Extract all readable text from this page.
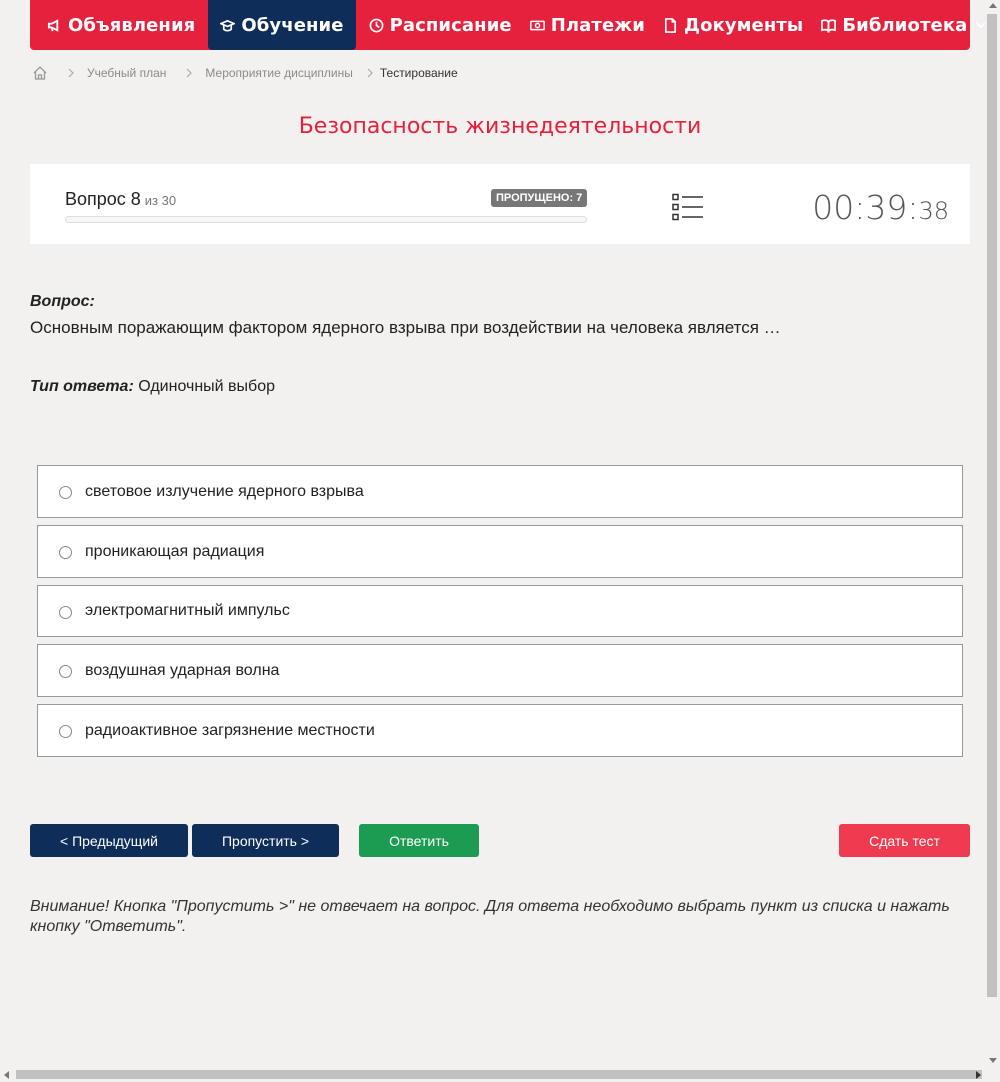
Объявления	Обучение	Расписание Платежи Документы Библиотека
Учебный план	Мероприятие дисциплины Тестирование
Безопасность жизнедеятельности
Вопрос 8 из 30	ПРОПУЩЕНО: 7	00:39:38
Вопрос:
Основным поражающим фактором ядерного взрыва при воздействии на человека является …
Тип ответа: Одиночный выбор
световое излучение ядерного взрыва
проникающая радиация
электромагнитный импульс
воздушная ударная волна
радиоактивное загрязнение местности
< Предыдущий	Пропустить >	Ответить	Сдать тест
Внимание! Кнопка "Пропустить >" не отвечает на вопрос. Для ответа необходимо выбрать пункт из списка и нажать кнопку "Ответить".
